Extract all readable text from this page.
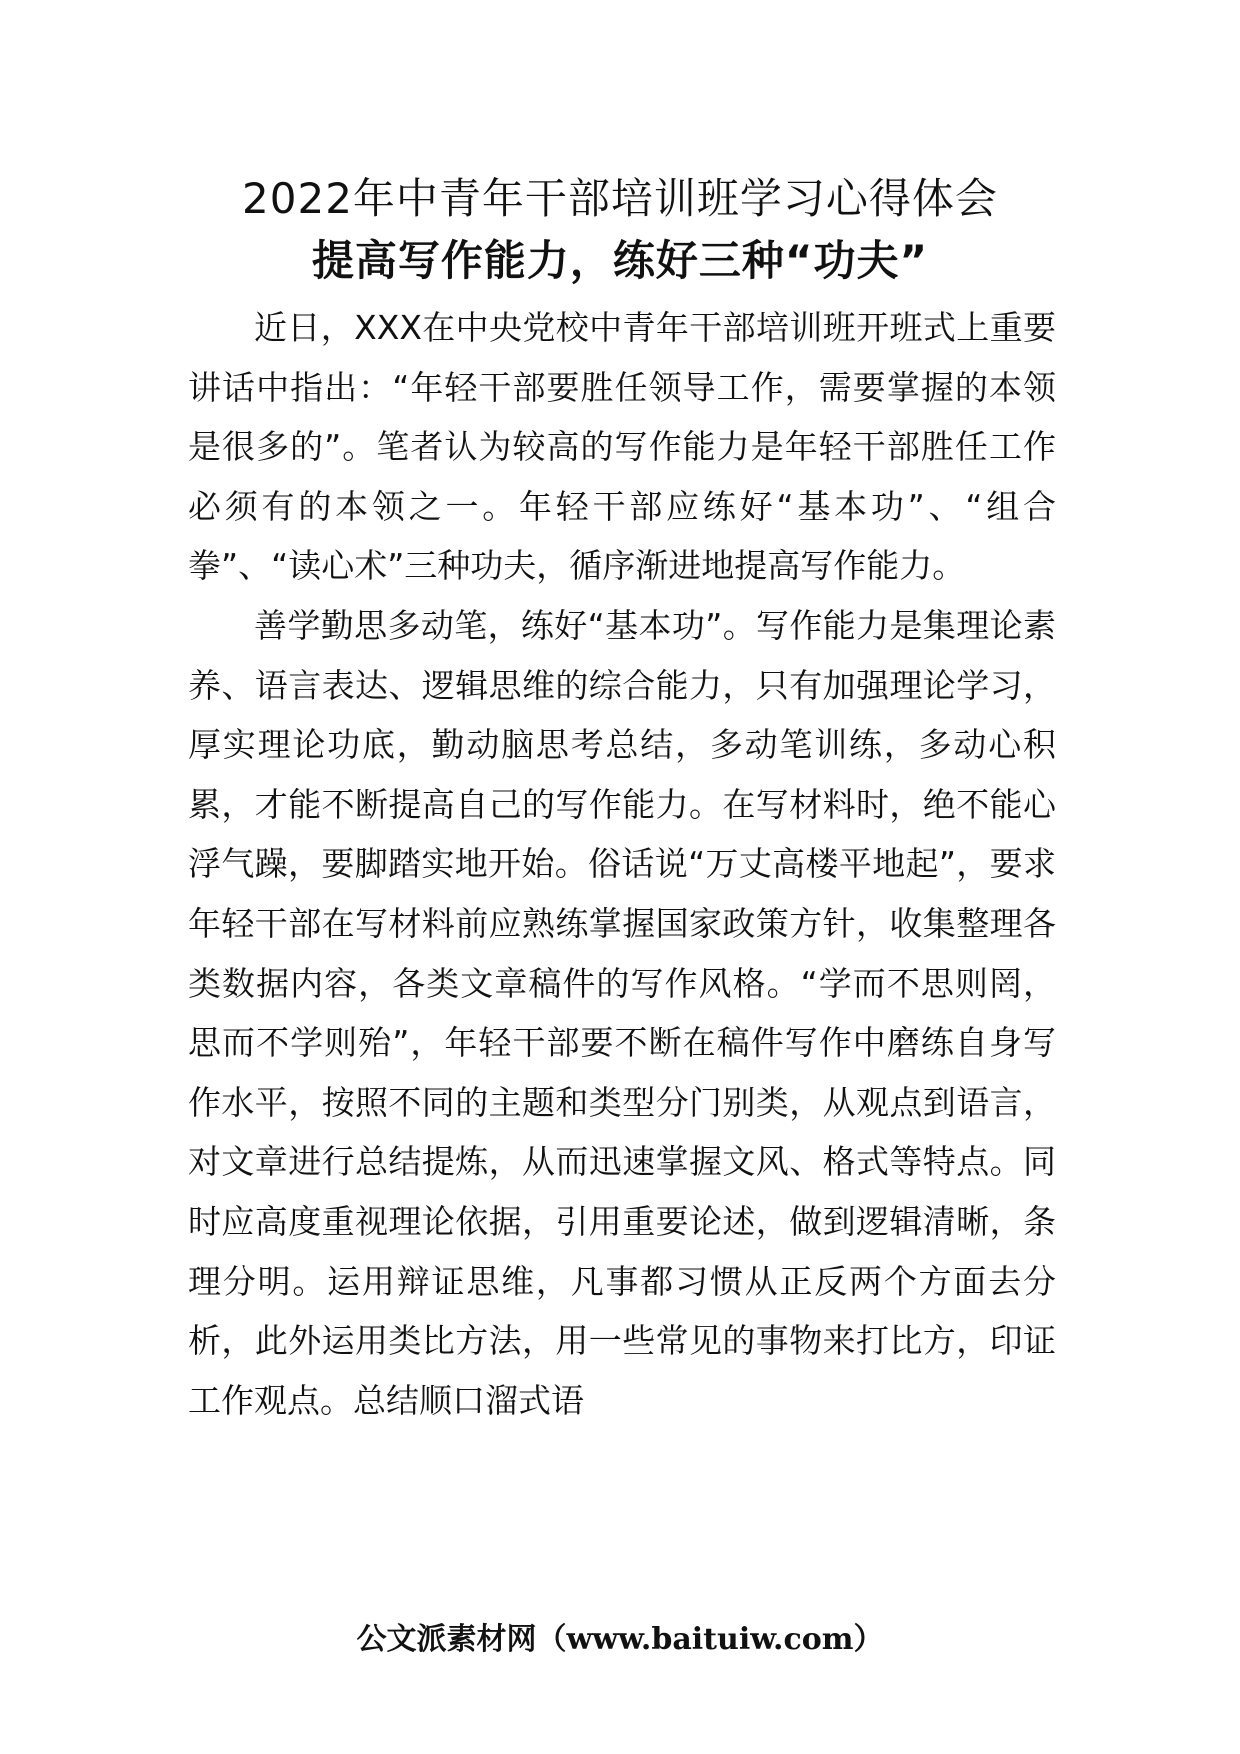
2022年中青年干部培训班学习心得体会
提高写作能力，练好三种“功夫”

近日，XXX在中央党校中青年干部培训班开班式上重要讲话中指出：“年轻干部要胜任领导工作，需要掌握的本领是很多的”。笔者认为较高的写作能力是年轻干部胜任工作必须有的本领之一。年轻干部应练好“基本功”、“组合拳”、“读心术”三种功夫，循序渐进地提高写作能力。

善学勤思多动笔，练好“基本功”。写作能力是集理论素养、语言表达、逻辑思维的综合能力，只有加强理论学习，厚实理论功底，勤动脑思考总结，多动笔训练，多动心积累，才能不断提高自己的写作能力。在写材料时，绝不能心浮气躁，要脚踏实地开始。俗话说“万丈高楼平地起”，要求年轻干部在写材料前应熟练掌握国家政策方针，收集整理各类数据内容，各类文章稿件的写作风格。“学而不思则罔，思而不学则殆”，年轻干部要不断在稿件写作中磨练自身写作水平，按照不同的主题和类型分门别类，从观点到语言，对文章进行总结提炼，从而迅速掌握文风、格式等特点。同时应高度重视理论依据，引用重要论述，做到逻辑清晰，条理分明。运用辩证思维，凡事都习惯从正反两个方面去分析，此外运用类比方法，用一些常见的事物来打比方，印证工作观点。总结顺口溜式语

公文派素材网（www.baituiw.com）
